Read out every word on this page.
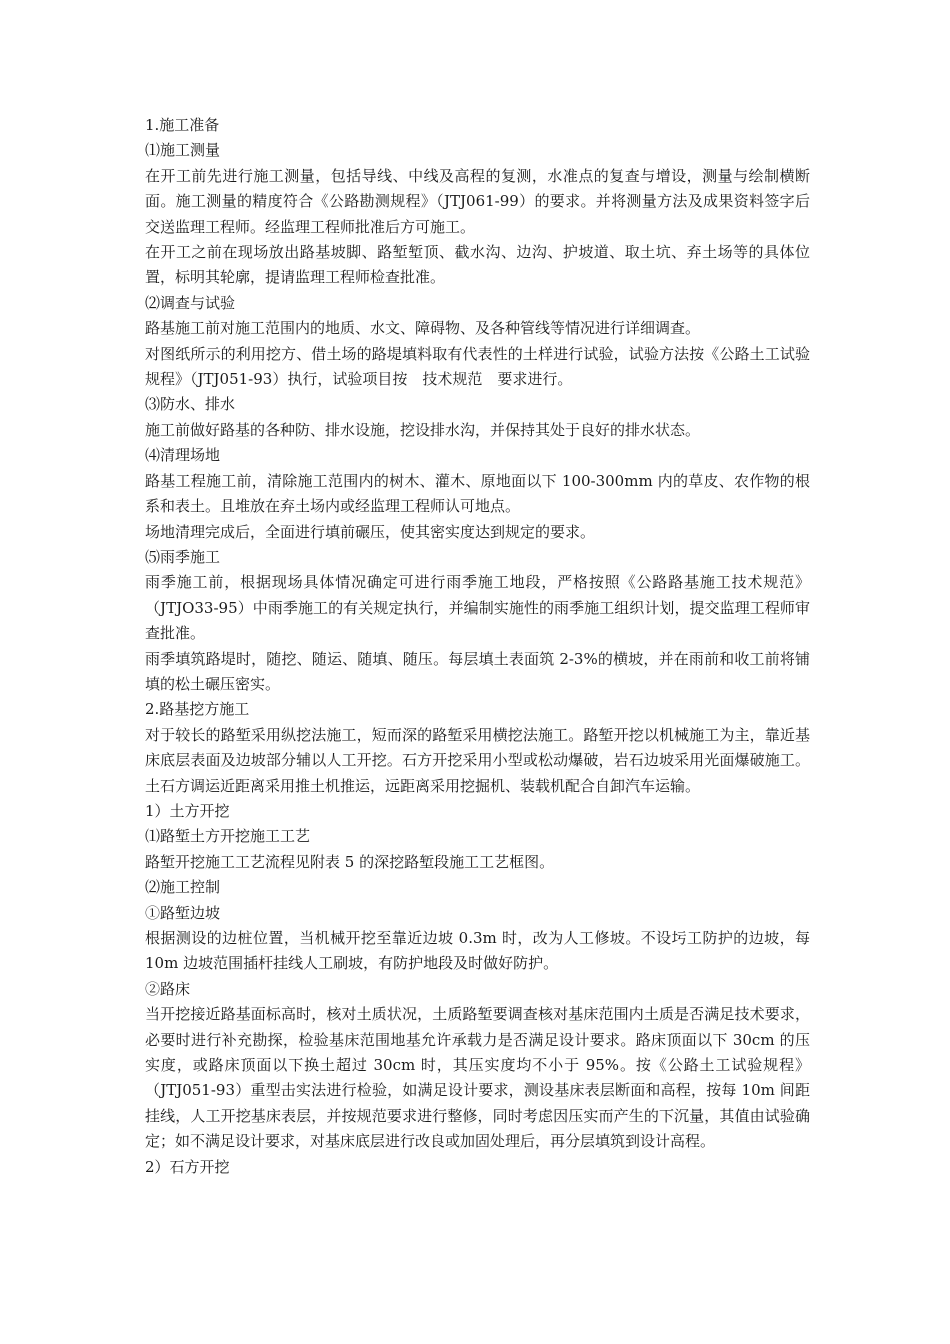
1.施工准备

⑴施工测量

在开工前先进行施工测量，包括导线、中线及高程的复测，水准点的复查与增设，测量与绘制横断面。施工测量的精度符合《公路勘测规程》（JTJ061-99）的要求。并将测量方法及成果资料签字后交送监理工程师。经监理工程师批准后方可施工。

在开工之前在现场放出路基坡脚、路堑堑顶、截水沟、边沟、护坡道、取土坑、弃土场等的具体位置，标明其轮廓，提请监理工程师检查批准。

⑵调查与试验

路基施工前对施工范围内的地质、水文、障碍物、及各种管线等情况进行详细调查。

对图纸所示的利用挖方、借土场的路堤填料取有代表性的土样进行试验，试验方法按《公路土工试验规程》（JTJ051-93）执行，试验项目按　技术规范　要求进行。

⑶防水、排水

施工前做好路基的各种防、排水设施，挖设排水沟，并保持其处于良好的排水状态。

⑷清理场地

路基工程施工前，清除施工范围内的树木、灌木、原地面以下 100-300mm 内的草皮、农作物的根系和表土。且堆放在弃土场内或经监理工程师认可地点。

场地清理完成后，全面进行填前碾压，使其密实度达到规定的要求。

⑸雨季施工

雨季施工前，根据现场具体情况确定可进行雨季施工地段，严格按照《公路路基施工技术规范》（JTJO33-95）中雨季施工的有关规定执行，并编制实施性的雨季施工组织计划，提交监理工程师审查批准。

雨季填筑路堤时，随挖、随运、随填、随压。每层填土表面筑 2-3%的横坡，并在雨前和收工前将铺填的松土碾压密实。

2.路基挖方施工

对于较长的路堑采用纵挖法施工，短而深的路堑采用横挖法施工。路堑开挖以机械施工为主，靠近基床底层表面及边坡部分辅以人工开挖。石方开挖采用小型或松动爆破，岩石边坡采用光面爆破施工。土石方调运近距离采用推土机推运，远距离采用挖掘机、装载机配合自卸汽车运输。

1）土方开挖

⑴路堑土方开挖施工工艺

路堑开挖施工工艺流程见附表 5 的深挖路堑段施工工艺框图。

⑵施工控制

①路堑边坡

根据测设的边桩位置，当机械开挖至靠近边坡 0.3m 时，改为人工修坡。不设圬工防护的边坡，每 10m 边坡范围插杆挂线人工刷坡，有防护地段及时做好防护。

②路床

当开挖接近路基面标高时，核对土质状况，土质路堑要调查核对基床范围内土质是否满足技术要求，必要时进行补充勘探，检验基床范围地基允许承载力是否满足设计要求。路床顶面以下 30cm 的压实度，或路床顶面以下换土超过 30cm 时，其压实度均不小于 95%。按《公路土工试验规程》（JTJ051-93）重型击实法进行检验，如满足设计要求，测设基床表层断面和高程，按每 10m 间距挂线，人工开挖基床表层，并按规范要求进行整修，同时考虑因压实而产生的下沉量，其值由试验确定；如不满足设计要求，对基床底层进行改良或加固处理后，再分层填筑到设计高程。

2）石方开挖
